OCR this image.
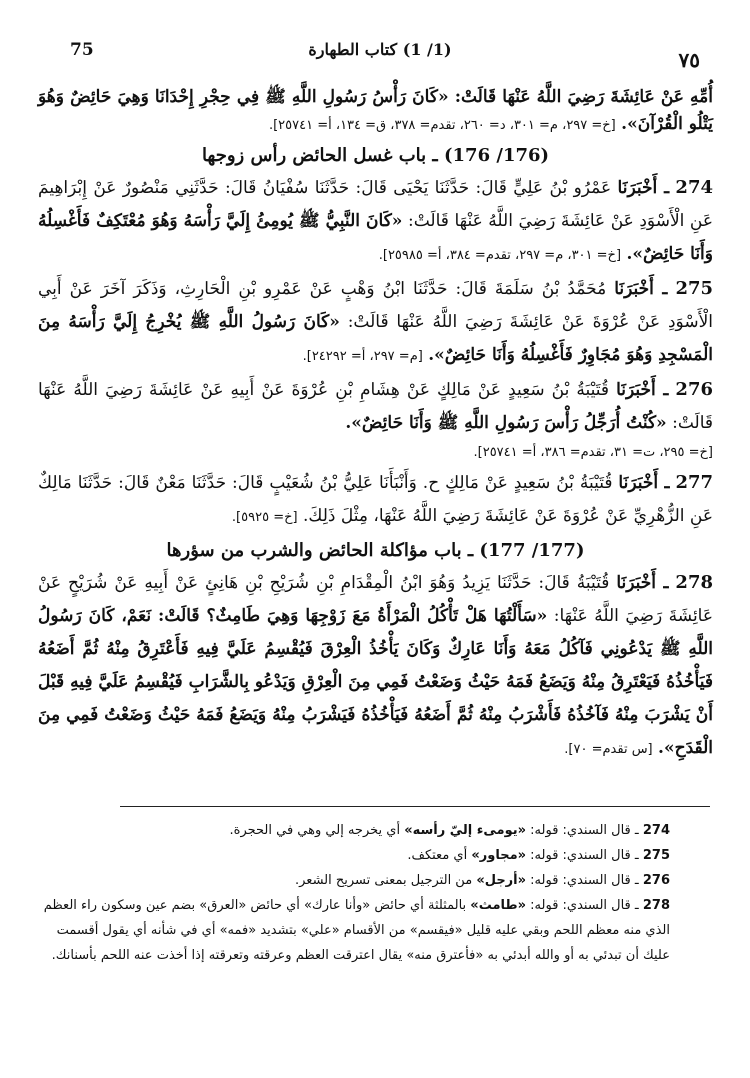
75	(1/ 1) كتاب الطهارة	٧٥

أُمِّهِ عَنْ عَائِشَةَ رَضِيَ اللَّهُ عَنْهَا قَالَتْ: «كَانَ رَأْسُ رَسُولِ اللَّهِ ﷺ فِي حِجْرِ إِحْدَانَا وَهِيَ حَائِضٌ وَهُوَ يَتْلُو الْقُرْآنَ». [خ= ٢٩٧، م= ٣٠١، د= ٢٦٠، تقدم= ٣٧٨، ق= ١٣٤، أ= ٢٥٧٤١].

(176/ 176) ـ باب غسل الحائض رأس زوجها

274 ـ أَخْبَرَنَا عَمْرُو بْنُ عَلِيٍّ قَالَ: حَدَّثَنَا يَحْيَى قَالَ: حَدَّثَنَا سُفْيَانُ قَالَ: حَدَّثَنِي مَنْصُورٌ عَنْ إِبْرَاهِيمَ عَنِ الْأَسْوَدِ عَنْ عَائِشَةَ رَضِيَ اللَّهُ عَنْهَا قَالَتْ: «كَانَ النَّبِيُّ ﷺ يُومِئُ إِلَيَّ رَأْسَهُ وَهُوَ مُعْتَكِفٌ فَأَغْسِلُهُ وَأَنَا حَائِضٌ». [خ= ٣٠١، م= ٢٩٧، تقدم= ٣٨٤، أ= ٢٥٩٨٥].

275 ـ أَخْبَرَنَا مُحَمَّدُ بْنُ سَلَمَةَ قَالَ: حَدَّثَنَا ابْنُ وَهْبٍ عَنْ عَمْرِو بْنِ الْحَارِثِ، وَذَكَرَ آخَرَ عَنْ أَبِي الْأَسْوَدِ عَنْ عُرْوَةَ عَنْ عَائِشَةَ رَضِيَ اللَّهُ عَنْهَا قَالَتْ: «كَانَ رَسُولُ اللَّهِ ﷺ يُخْرِجُ إِلَيَّ رَأْسَهُ مِنَ الْمَسْجِدِ وَهُوَ مُجَاوِرٌ فَأَغْسِلُهُ وَأَنَا حَائِضٌ». [م= ٢٩٧، أ= ٢٤٢٩٢].

276 ـ أَخْبَرَنَا قُتَيْبَةُ بْنُ سَعِيدٍ عَنْ مَالِكٍ عَنْ هِشَامِ بْنِ عُرْوَةَ عَنْ أَبِيهِ عَنْ عَائِشَةَ رَضِيَ اللَّهُ عَنْهَا قَالَتْ: «كُنْتُ أُرَجِّلُ رَأْسَ رَسُولِ اللَّهِ ﷺ وَأَنَا حَائِضٌ».

[خ= ٢٩٥، ت= ٣١، تقدم= ٣٨٦، أ= ٢٥٧٤١].

277 ـ أَخْبَرَنَا قُتَيْبَةُ بْنُ سَعِيدٍ عَنْ مَالِكٍ ح. وَأَنْبَأَنَا عَلِيُّ بْنُ شُعَيْبٍ قَالَ: حَدَّثَنَا مَعْنٌ قَالَ: حَدَّثَنَا مَالِكٌ عَنِ الزُّهْرِيِّ عَنْ عُرْوَةَ عَنْ عَائِشَةَ رَضِيَ اللَّهُ عَنْهَا، مِثْلَ ذَلِكَ. [خ= ٥٩٢٥].

(177/ 177) ـ باب مؤاكلة الحائض والشرب من سؤرها

278 ـ أَخْبَرَنَا قُتَيْبَةُ قَالَ: حَدَّثَنَا يَزِيدُ وَهُوَ ابْنُ الْمِقْدَامِ بْنِ شُرَيْحِ بْنِ هَانِئٍ عَنْ أَبِيهِ عَنْ شُرَيْحٍ عَنْ عَائِشَةَ رَضِيَ اللَّهُ عَنْهَا: «سَأَلْتُهَا هَلْ تَأْكُلُ الْمَرْأَةُ مَعَ زَوْجِهَا وَهِيَ طَامِثٌ؟ قَالَتْ: نَعَمْ، كَانَ رَسُولُ اللَّهِ ﷺ يَدْعُونِي فَآكُلُ مَعَهُ وَأَنَا عَارِكٌ وَكَانَ يَأْخُذُ الْعِرْقَ فَيُقْسِمُ عَلَيَّ فِيهِ فَأَعْتَرِقُ مِنْهُ ثُمَّ أَضَعُهُ فَيَأْخُذُهُ فَيَعْتَرِقُ مِنْهُ وَيَضَعُ فَمَهُ حَيْثُ وَضَعْتُ فَمِي مِنَ الْعِرْقِ وَيَدْعُو بِالشَّرَابِ فَيُقْسِمُ عَلَيَّ فِيهِ قَبْلَ أَنْ يَشْرَبَ مِنْهُ فَآخُذُهُ فَأَشْرَبُ مِنْهُ ثُمَّ أَضَعُهُ فَيَأْخُذُهُ فَيَشْرَبُ مِنْهُ وَيَضَعُ فَمَهُ حَيْثُ وَضَعْتُ فَمِي مِنَ الْقَدَحِ». [س تقدم= ٧٠].

274 ـ قال السندي: قوله: «يومىء إليّ رأسه» أي يخرجه إلي وهي في الحجرة.

275 ـ قال السندي: قوله: «مجاور» أي معتكف.

276 ـ قال السندي: قوله: «أرجل» من الترجيل بمعنى تسريح الشعر.

278 ـ قال السندي: قوله: «طامث» بالمثلثة أي حائض «وأنا عارك» أي حائض «العرق» بضم عين وسكون راء العظم الذي منه معظم اللحم وبقي عليه قليل «فيقسم» من الأقسام «علي» بتشديد «فمه» أي في شأنه أي يقول أقسمت عليك أن تبدئي به أو والله أبدئي به «فأعترق منه» يقال اعترقت العظم وعرقته وتعرقته إذا أخذت عنه اللحم بأسنانك.
